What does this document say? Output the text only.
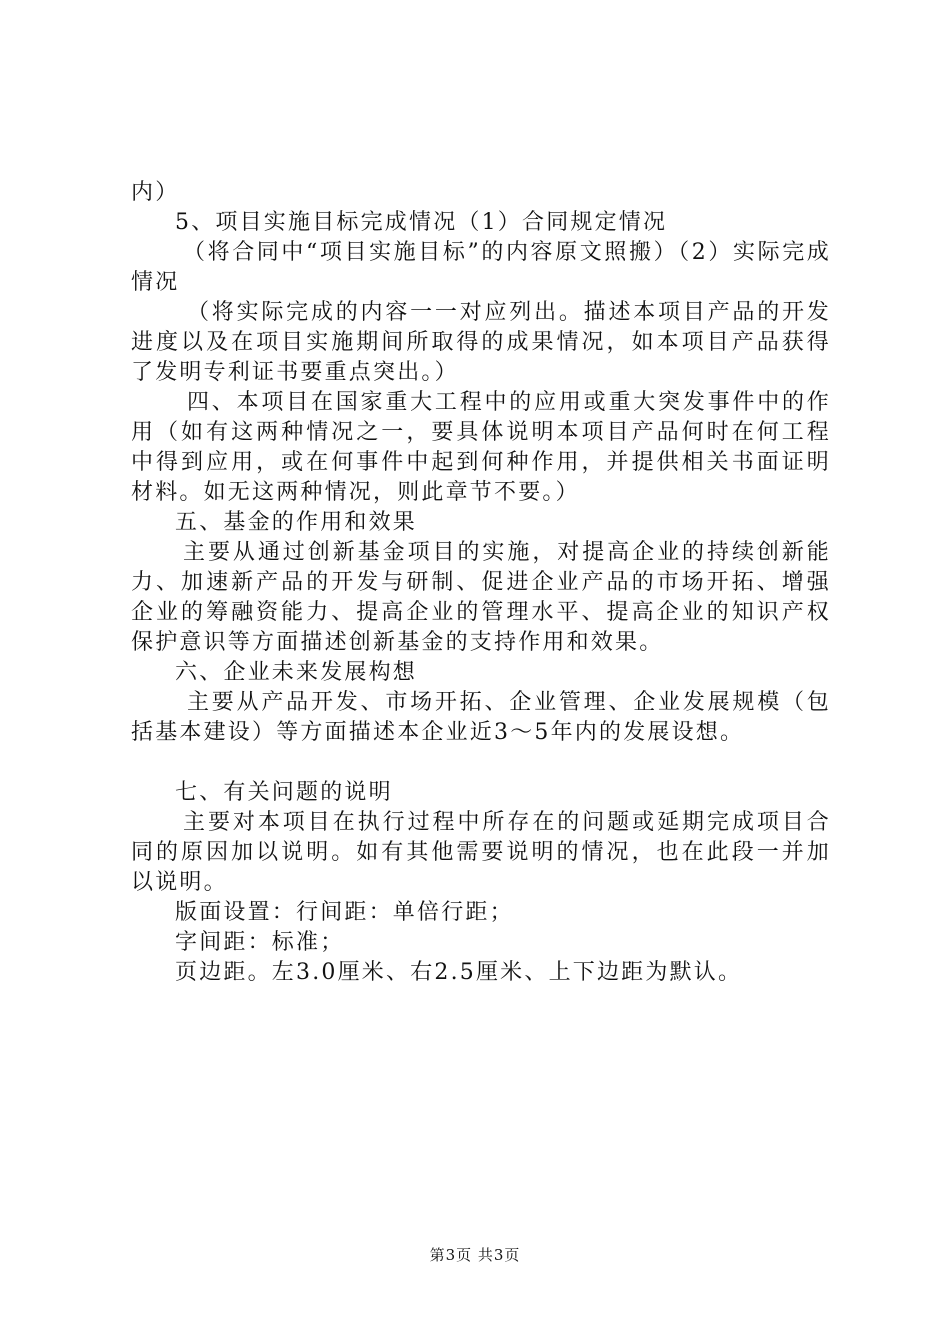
内）

5、项目实施目标完成情况（1）合同规定情况

（将合同中“项目实施目标”的内容原文照搬）（2）实际完成情况

（将实际完成的内容一一对应列出。描述本项目产品的开发进度以及在项目实施期间所取得的成果情况，如本项目产品获得了发明专利证书要重点突出。）

四、本项目在国家重大工程中的应用或重大突发事件中的作用（如有这两种情况之一，要具体说明本项目产品何时在何工程中得到应用，或在何事件中起到何种作用，并提供相关书面证明材料。如无这两种情况，则此章节不要。）

五、基金的作用和效果

主要从通过创新基金项目的实施，对提高企业的持续创新能力、加速新产品的开发与研制、促进企业产品的市场开拓、增强企业的筹融资能力、提高企业的管理水平、提高企业的知识产权保护意识等方面描述创新基金的支持作用和效果。

六、企业未来发展构想

主要从产品开发、市场开拓、企业管理、企业发展规模（包括基本建设）等方面描述本企业近3～5年内的发展设想。

七、有关问题的说明

主要对本项目在执行过程中所存在的问题或延期完成项目合同的原因加以说明。如有其他需要说明的情况，也在此段一并加以说明。

版面设置：行间距：单倍行距；

字间距：标准；

页边距。左3.0厘米、右2.5厘米、上下边距为默认。

第3页 共3页
